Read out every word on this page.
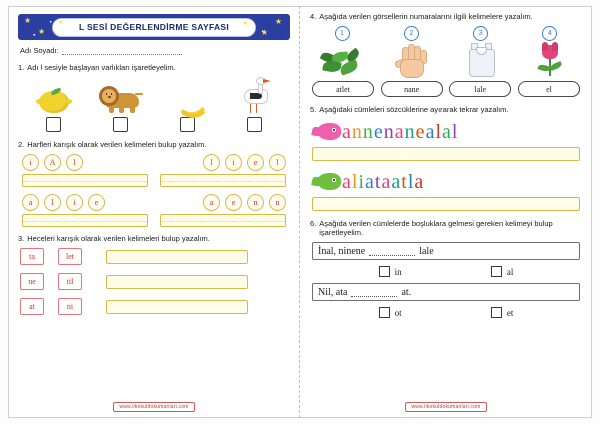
★
★
★	★	★
★
L SESİ DEĞERLENDİRME SAYFASI
Adı Soyadı:
1. Adı l sesiyle başlayan varlıkları işaretleyelim.
2. Harfleri karışık olarak verilen kelimeleri bulup yazalım.
i	A	l	l	i	e	l
a	l	i	e	a	e	n	n
3. Heceleri karışık olarak verilen kelimeleri bulup yazalım.
ta	let
ne	til
at	ni
www.ilkokuldokumanlari.com
4. Aşağıda verilen görsellerin numaralarını ilgili kelimelere yazalım.
1	2	3	4
atlet	nane	lale	el
5. Aşağıdaki cümleleri sözcüklerine ayırarak tekrar yazalım.
annenanealal
aliataatla
6. Aşağıda verilen cümlelerde boşluklara gelmesi gereken kelimeyi bulup işaretleyelim.
İnal, ninene	lale
in	al
Nil, ata	at.
ot	et
www.ilkokuldokumanlari.com
